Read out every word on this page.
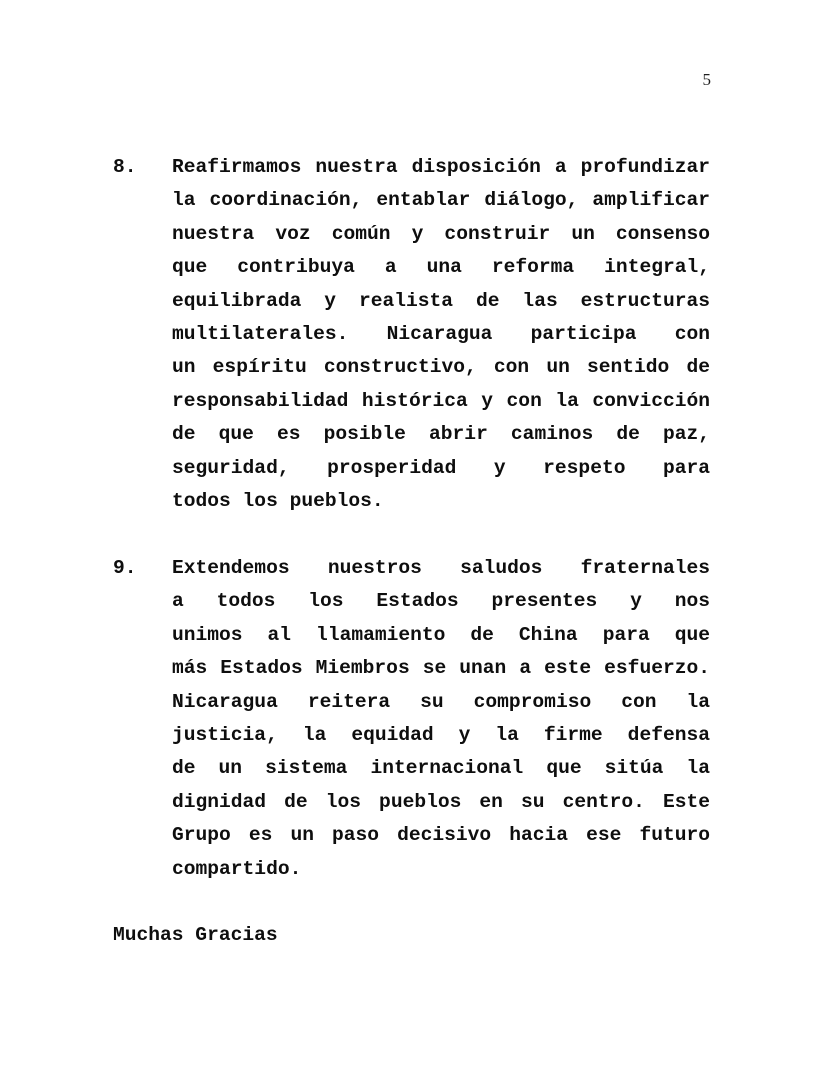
5
8.	Reafirmamos nuestra disposición a profundizar
la coordinación, entablar diálogo, amplificar
nuestra voz común y construir un consenso
que contribuya a una reforma integral,
equilibrada y realista de las estructuras
multilaterales. Nicaragua participa con
un espíritu constructivo, con un sentido de
responsabilidad histórica y con la convicción
de que es posible abrir caminos de paz,
seguridad, prosperidad y respeto para
todos los pueblos.
9.	Extendemos nuestros saludos fraternales
a todos los Estados presentes y nos
unimos al llamamiento de China para que
más Estados Miembros se unan a este esfuerzo.
Nicaragua reitera su compromiso con la
justicia, la equidad y la firme defensa
de un sistema internacional que sitúa la
dignidad de los pueblos en su centro. Este
Grupo es un paso decisivo hacia ese futuro
compartido.
Muchas Gracias
